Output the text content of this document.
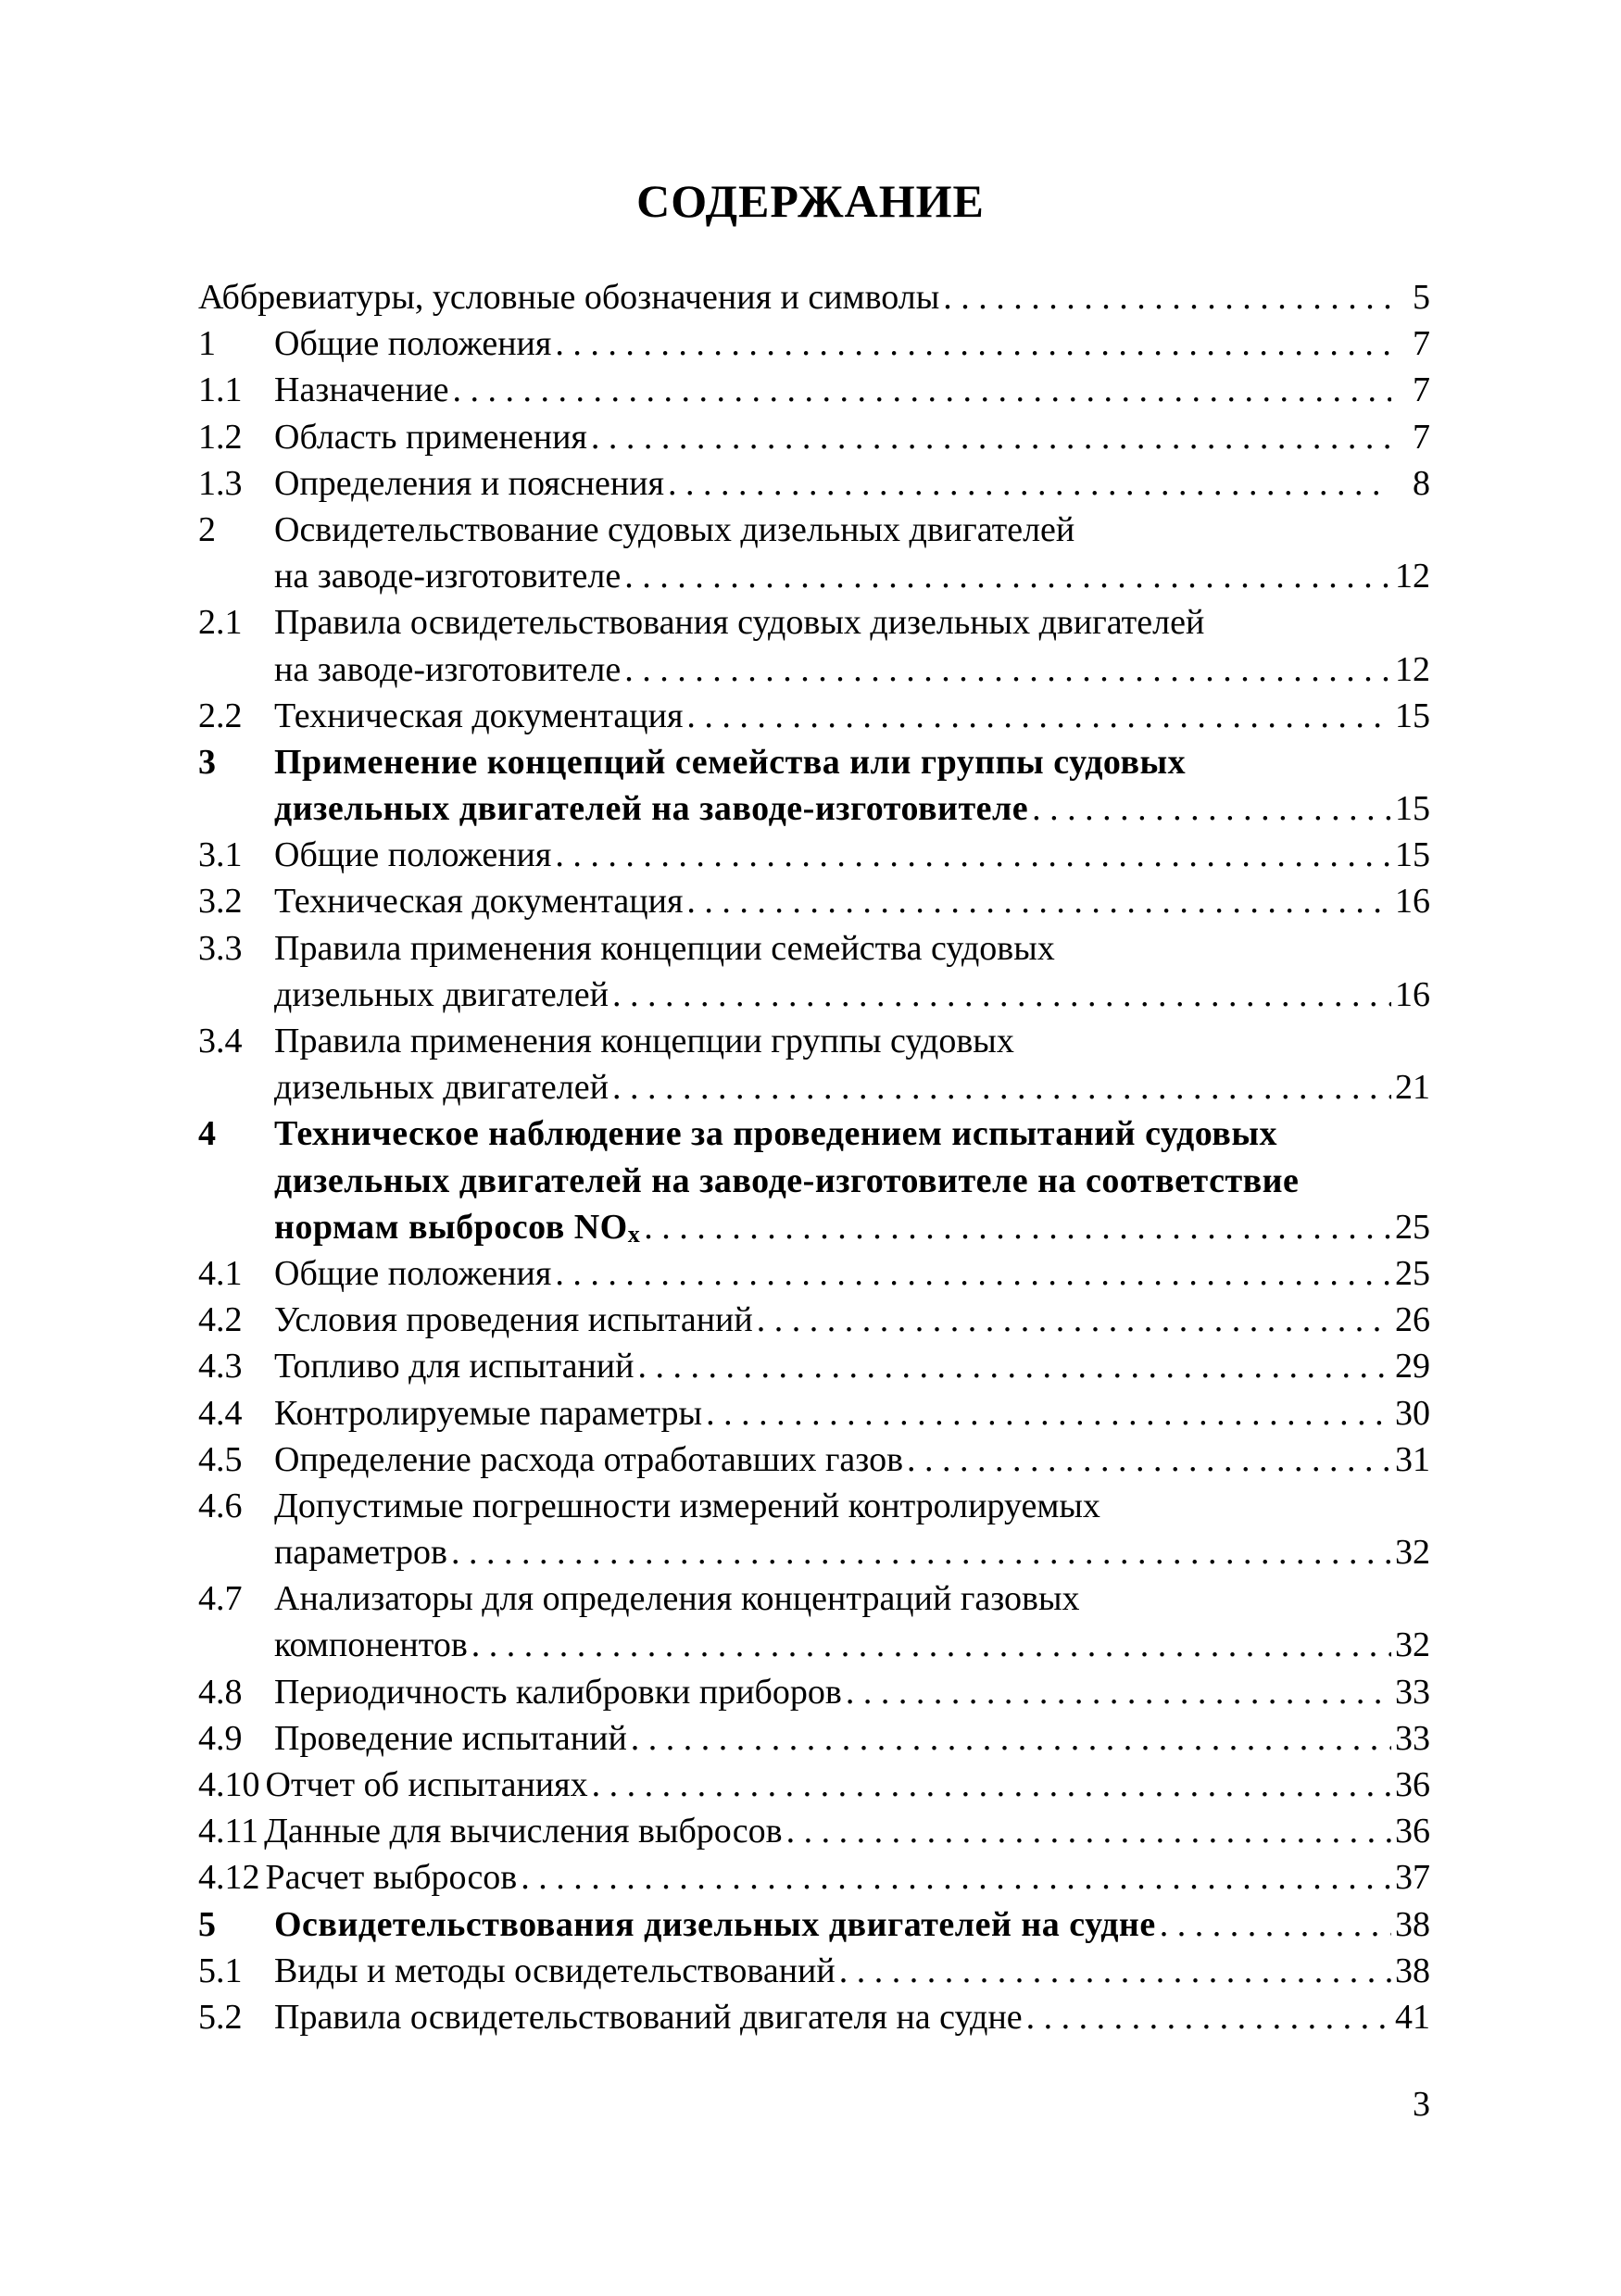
СОДЕРЖАНИЕ
Аббревиатуры, условные обозначения и символы . . .	5
1	Общие положения . . .	7
1.1 Назначение . . .	7
1.2 Область применения . . .	7
1.3 Определения и пояснения . . .	8
2	Освидетельствование судовых дизельных двигателей
на заводе-изготовителе . . .	12
2.1 Правила освидетельствования судовых дизельных двигателей
на заводе-изготовителе . . .	12
2.2 Техническая документация . . .	15
3	Применение концепций семейства или группы судовых
дизельных двигателей на заводе-изготовителе . . .	15
3.1 Общие положения . . .	15
3.2 Техническая документация . . .	16
3.3 Правила применения концепции семейства судовых
дизельных двигателей . . .	16
3.4 Правила применения концепции группы судовых
дизельных двигателей . . .	21
4	Техническое наблюдение за проведением испытаний судовых
дизельных двигателей на заводе-изготовителе на соответствие
нормам выбросов $NO_x$ . . .	25
4.1 Общие положения . . .	25
4.2 Условия проведения испытаний . . .	26
4.3 Топливо для испытаний . . .	29
4.4 Контролируемые параметры . . .	30
4.5 Определение расхода отработавших газов . . .	31
4.6 Допустимые погрешности измерений контролируемых
параметров . . .	32
4.7 Анализаторы для определения концентраций газовых
компонентов . . .	32
4.8 Периодичность калибровки приборов . . .	33
4.9 Проведение испытаний . . .	33
4.10 Отчет об испытаниях . . .	36
4.11 Данные для вычисления выбросов . . .	36
4.12 Расчет выбросов . . .	37
5	Освидетельствования дизельных двигателей на судне . . .	38
5.1 Виды и методы освидетельствований . . .	38
5.2 Правила освидетельствований двигателя на судне . . .	41
3
